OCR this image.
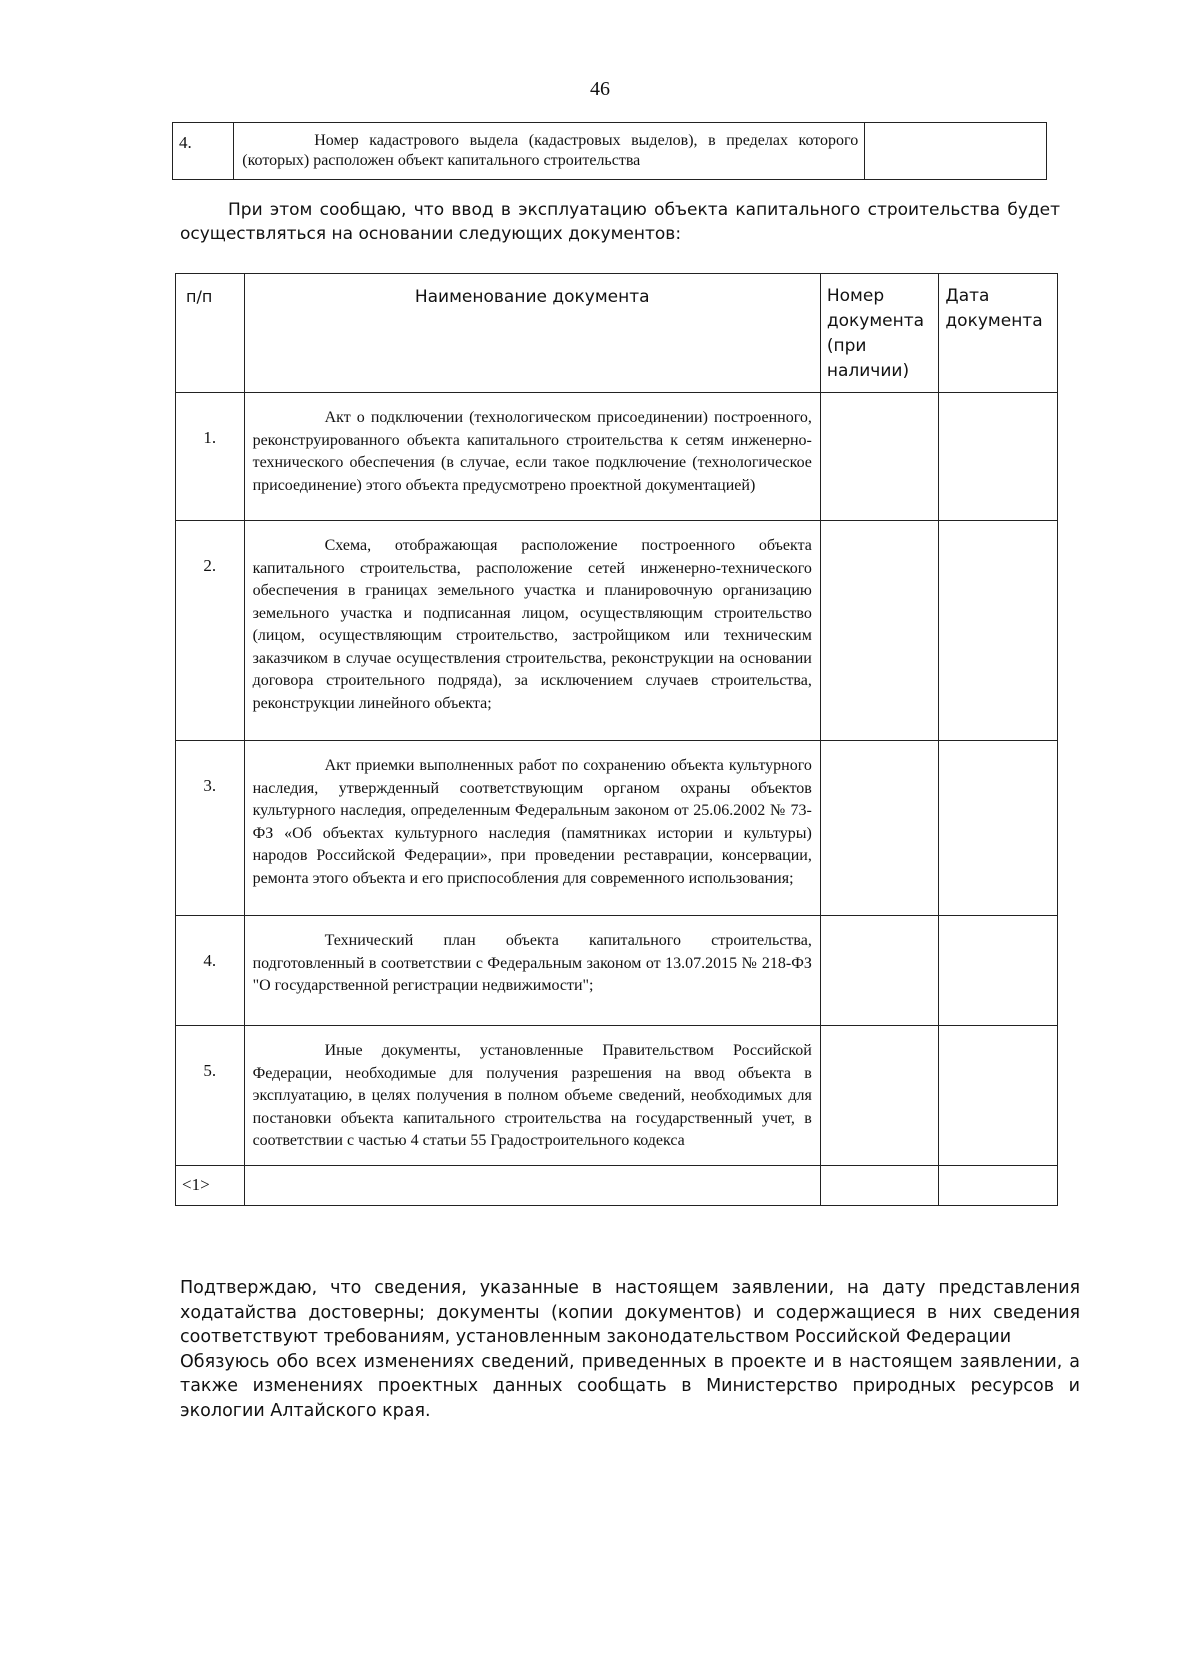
46
4.	Номер кадастрового выдела (кадастровых выделов), в пределах которого (которых) расположен объект капитального строительства	
При этом сообщаю, что ввод в эксплуатацию объекта капитального строительства будет осуществляться на основании следующих документов:
п/п	Наименование документа	Номер документа (при наличии)	Дата документа
1.	Акт о подключении (технологическом присоединении) построенного, реконструированного объекта капитального строительства к сетям инженерно-технического обеспечения (в случае, если такое подключение (технологическое присоединение) этого объекта предусмотрено проектной документацией)		
2.	Схема, отображающая расположение построенного объекта капитального строительства, расположение сетей инженерно-технического обеспечения в границах земельного участка и планировочную организацию земельного участка и подписанная лицом, осуществляющим строительство (лицом, осуществляющим строительство, застройщиком или техническим заказчиком в случае осуществления строительства, реконструкции на основании договора строительного подряда), за исключением случаев строительства, реконструкции линейного объекта;		
3.	Акт приемки выполненных работ по сохранению объекта культурного наследия, утвержденный соответствующим органом охраны объектов культурного наследия, определенным Федеральным законом от 25.06.2002 № 73-ФЗ «Об объектах культурного наследия (памятниках истории и культуры) народов Российской Федерации», при проведении реставрации, консервации, ремонта этого объекта и его приспособления для современного использования;		
4.	Технический план объекта капитального строительства, подготовленный в соответствии с Федеральным законом от 13.07.2015 № 218-ФЗ "О государственной регистрации недвижимости";		
5.	Иные документы, установленные Правительством Российской Федерации, необходимые для получения разрешения на ввод объекта в эксплуатацию, в целях получения в полном объеме сведений, необходимых для постановки объекта капитального строительства на государственный учет, в соответствии с частью 4 статьи 55 Градостроительного кодекса		
<1>			

Подтверждаю, что сведения, указанные в настоящем заявлении, на дату представления ходатайства достоверны; документы (копии документов) и содержащиеся в них сведения соответствуют требованиям, установленным законодательством Российской Федерации

Обязуюсь обо всех изменениях сведений, приведенных в проекте и в настоящем заявлении, а также изменениях проектных данных сообщать в Министерство природных ресурсов и экологии Алтайского края.
